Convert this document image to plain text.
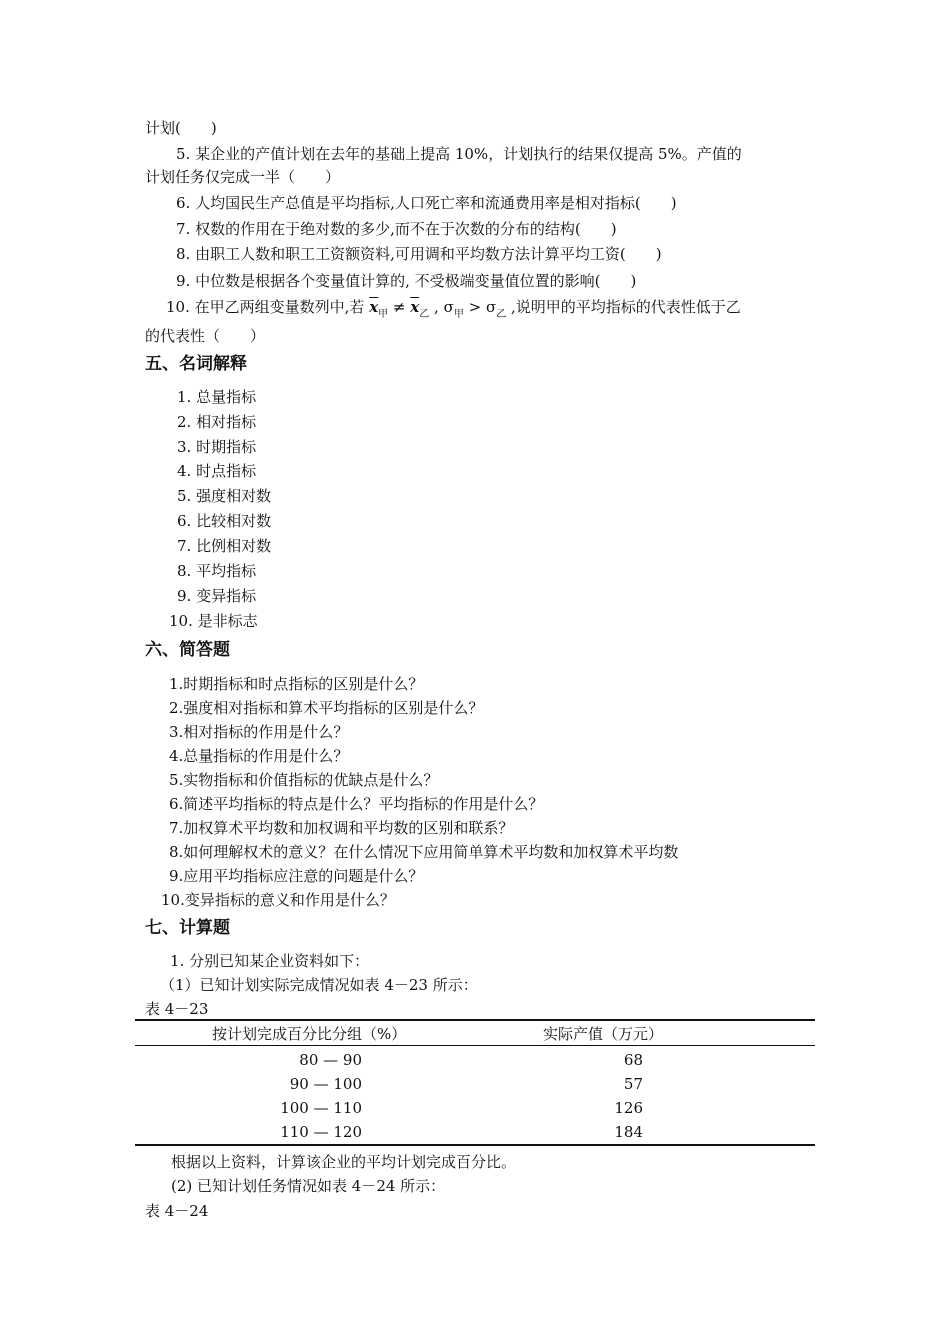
计划(　　)
5. 某企业的产值计划在去年的基础上提高 10%，计划执行的结果仅提高 5%。产值的
计划任务仅完成一半（　　）
6. 人均国民生产总值是平均指标,人口死亡率和流通费用率是相对指标(　　)
7. 权数的作用在于绝对数的多少,而不在于次数的分布的结构(　　)
8. 由职工人数和职工工资额资料,可用调和平均数方法计算平均工资(　　)
9. 中位数是根据各个变量值计算的, 不受极端变量值位置的影响(　　)
10. 在甲乙两组变量数列中,若 $\overline{x}_甲 \ne \overline{x}_乙$ , $\sigma_甲 > \sigma_乙$ ,说明甲的平均指标的代表性低于乙
的代表性（　　）
五、名词解释
1. 总量指标
2. 相对指标
3. 时期指标
4. 时点指标
5. 强度相对数
6. 比较相对数
7. 比例相对数
8. 平均指标
9. 变异指标
10. 是非标志
六、简答题
1.时期指标和时点指标的区别是什么？
2.强度相对指标和算术平均指标的区别是什么？
3.相对指标的作用是什么？
4.总量指标的作用是什么？
5.实物指标和价值指标的优缺点是什么？
6.简述平均指标的特点是什么？平均指标的作用是什么？
7.加权算术平均数和加权调和平均数的区别和联系？
8.如何理解权术的意义？在什么情况下应用简单算术平均数和加权算术平均数
9.应用平均指标应注意的问题是什么？
10.变异指标的意义和作用是什么？
七、计算题
1. 分别已知某企业资料如下：
（1）已知计划实际完成情况如表 4－23 所示：
表 4－23
按计划完成百分比分组（%）	实际产值（万元）
80 — 90	68
90 — 100	57
100 — 110	126
110 — 120	184
根据以上资料，计算该企业的平均计划完成百分比。
(2) 已知计划任务情况如表 4－24 所示：
表 4－24
